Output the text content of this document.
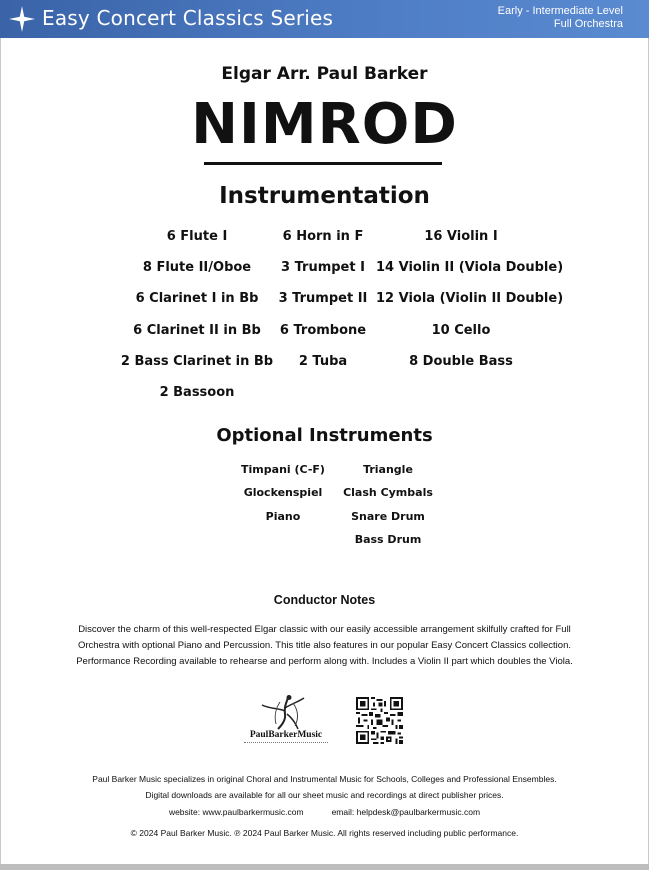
Easy Concert Classics Series	Early - Intermediate Level
Full Orchestra
Elgar Arr. Paul Barker
NIMROD
Instrumentation
6 Flute I
8 Flute II/Oboe
6 Clarinet I in Bb
6 Clarinet II in Bb
2 Bass Clarinet in Bb
2 Bassoon
6 Horn in F
3 Trumpet I
3 Trumpet II
6 Trombone
2 Tuba
16 Violin I
14 Violin II (Viola Double)
12 Viola (Violin II Double)
10 Cello
8 Double Bass
Optional Instruments
Timpani (C-F)
Glockenspiel
Piano
Triangle
Clash Cymbals
Snare Drum
Bass Drum
Conductor Notes
Discover the charm of this well-respected Elgar classic with our easily accessible arrangement skilfully crafted for Full Orchestra with optional Piano and Percussion. This title also features in our popular Easy Concert Classics collection. Performance Recording available to rehearse and perform along with. Includes a Violin II part which doubles the Viola.
PaulBarkerMusic
Paul Barker Music specializes in original Choral and Instrumental Music for Schools, Colleges and Professional Ensembles.
Digital downloads are available for all our sheet music and recordings at direct publisher prices.
website: www.paulbarkermusic.com	email: helpdesk@paulbarkermusic.com
© 2024 Paul Barker Music. ℗ 2024 Paul Barker Music. All rights reserved including public performance.
